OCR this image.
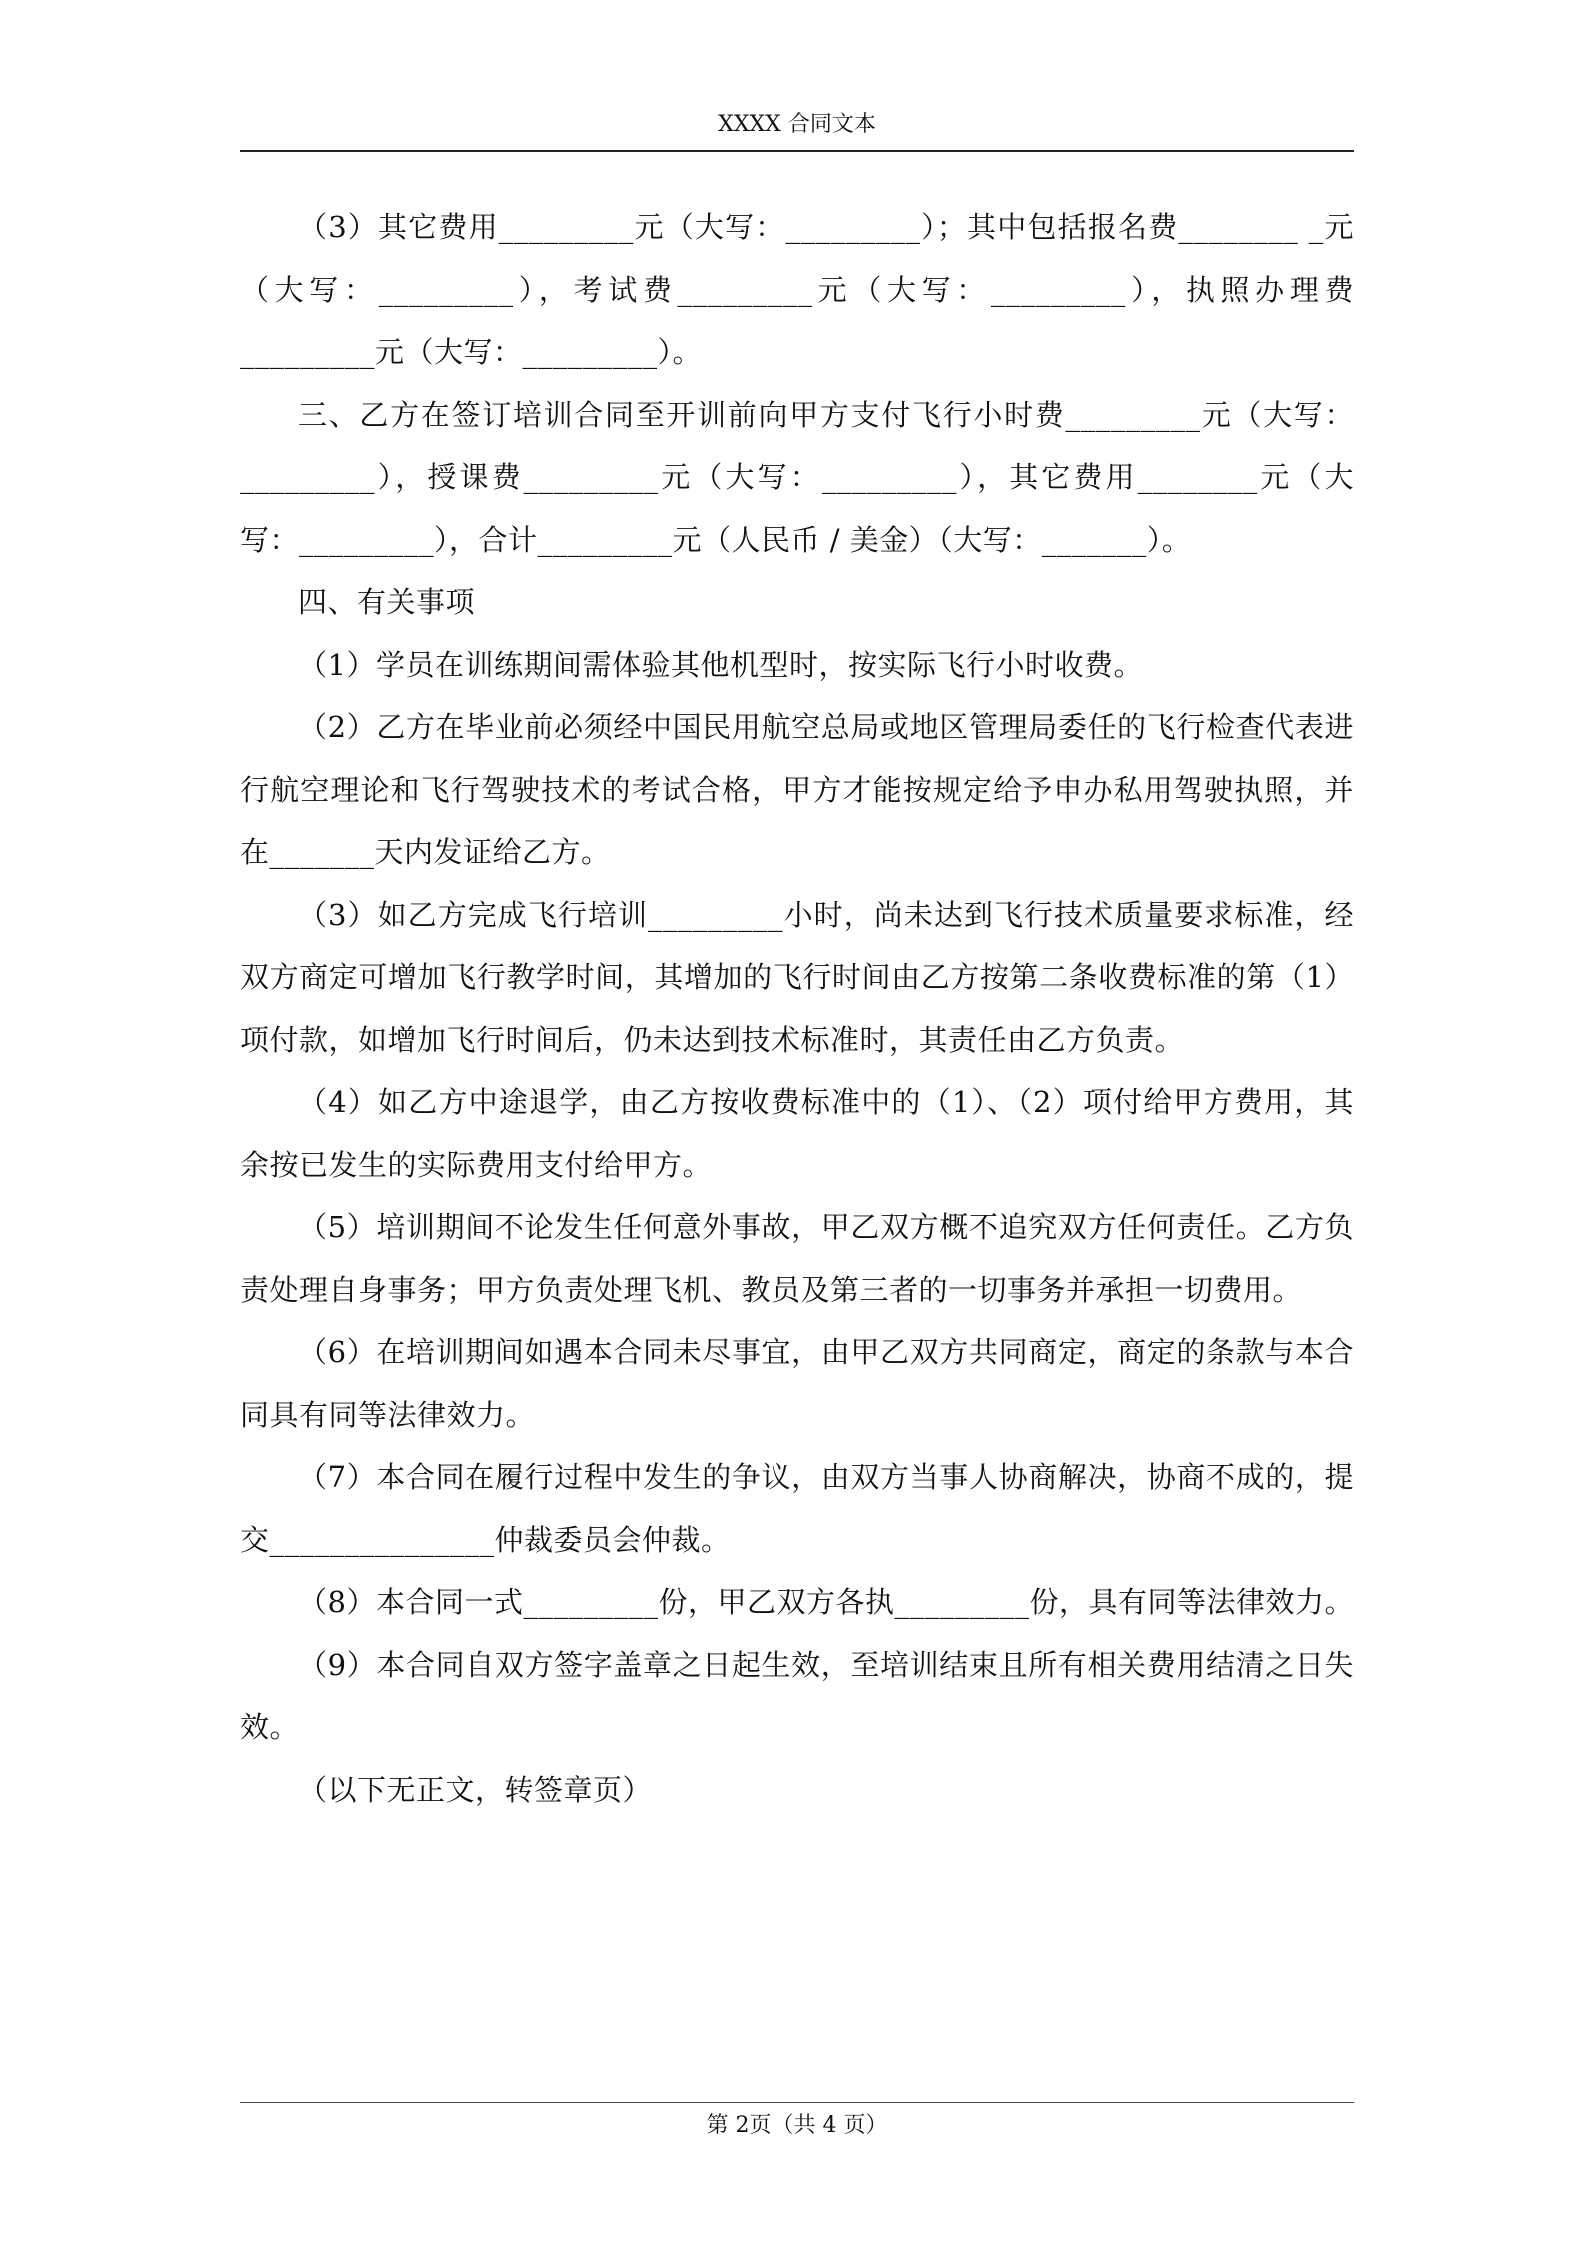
XXXX 合同文本

（3）其它费用_________元（大写：_________）；其中包括报名费________ _元（大写：_________），考试费_________元（大写：_________），执照办理费_________元（大写：_________）。

三、乙方在签订培训合同至开训前向甲方支付飞行小时费_________元（大写：_________），授课费_________元（大写：_________），其它费用________元（大写：_________），合计_________元（人民币 / 美金）（大写：_______）。

四、有关事项

（1）学员在训练期间需体验其他机型时，按实际飞行小时收费。

（2）乙方在毕业前必须经中国民用航空总局或地区管理局委任的飞行检查代表进行航空理论和飞行驾驶技术的考试合格，甲方才能按规定给予申办私用驾驶执照，并在_______天内发证给乙方。

（3）如乙方完成飞行培训_________小时，尚未达到飞行技术质量要求标准，经双方商定可增加飞行教学时间，其增加的飞行时间由乙方按第二条收费标准的第（1）项付款，如增加飞行时间后，仍未达到技术标准时，其责任由乙方负责。

（4）如乙方中途退学，由乙方按收费标准中的（1）、（2）项付给甲方费用，其余按已发生的实际费用支付给甲方。

（5）培训期间不论发生任何意外事故，甲乙双方概不追究双方任何责任。乙方负责处理自身事务；甲方负责处理飞机、教员及第三者的一切事务并承担一切费用。

（6）在培训期间如遇本合同未尽事宜，由甲乙双方共同商定，商定的条款与本合同具有同等法律效力。

（7）本合同在履行过程中发生的争议，由双方当事人协商解决，协商不成的，提交_______________仲裁委员会仲裁。

（8）本合同一式_________份，甲乙双方各执_________份，具有同等法律效力。

（9）本合同自双方签字盖章之日起生效，至培训结束且所有相关费用结清之日失效。

（以下无正文，转签章页）

第 2页（共 4 页）
